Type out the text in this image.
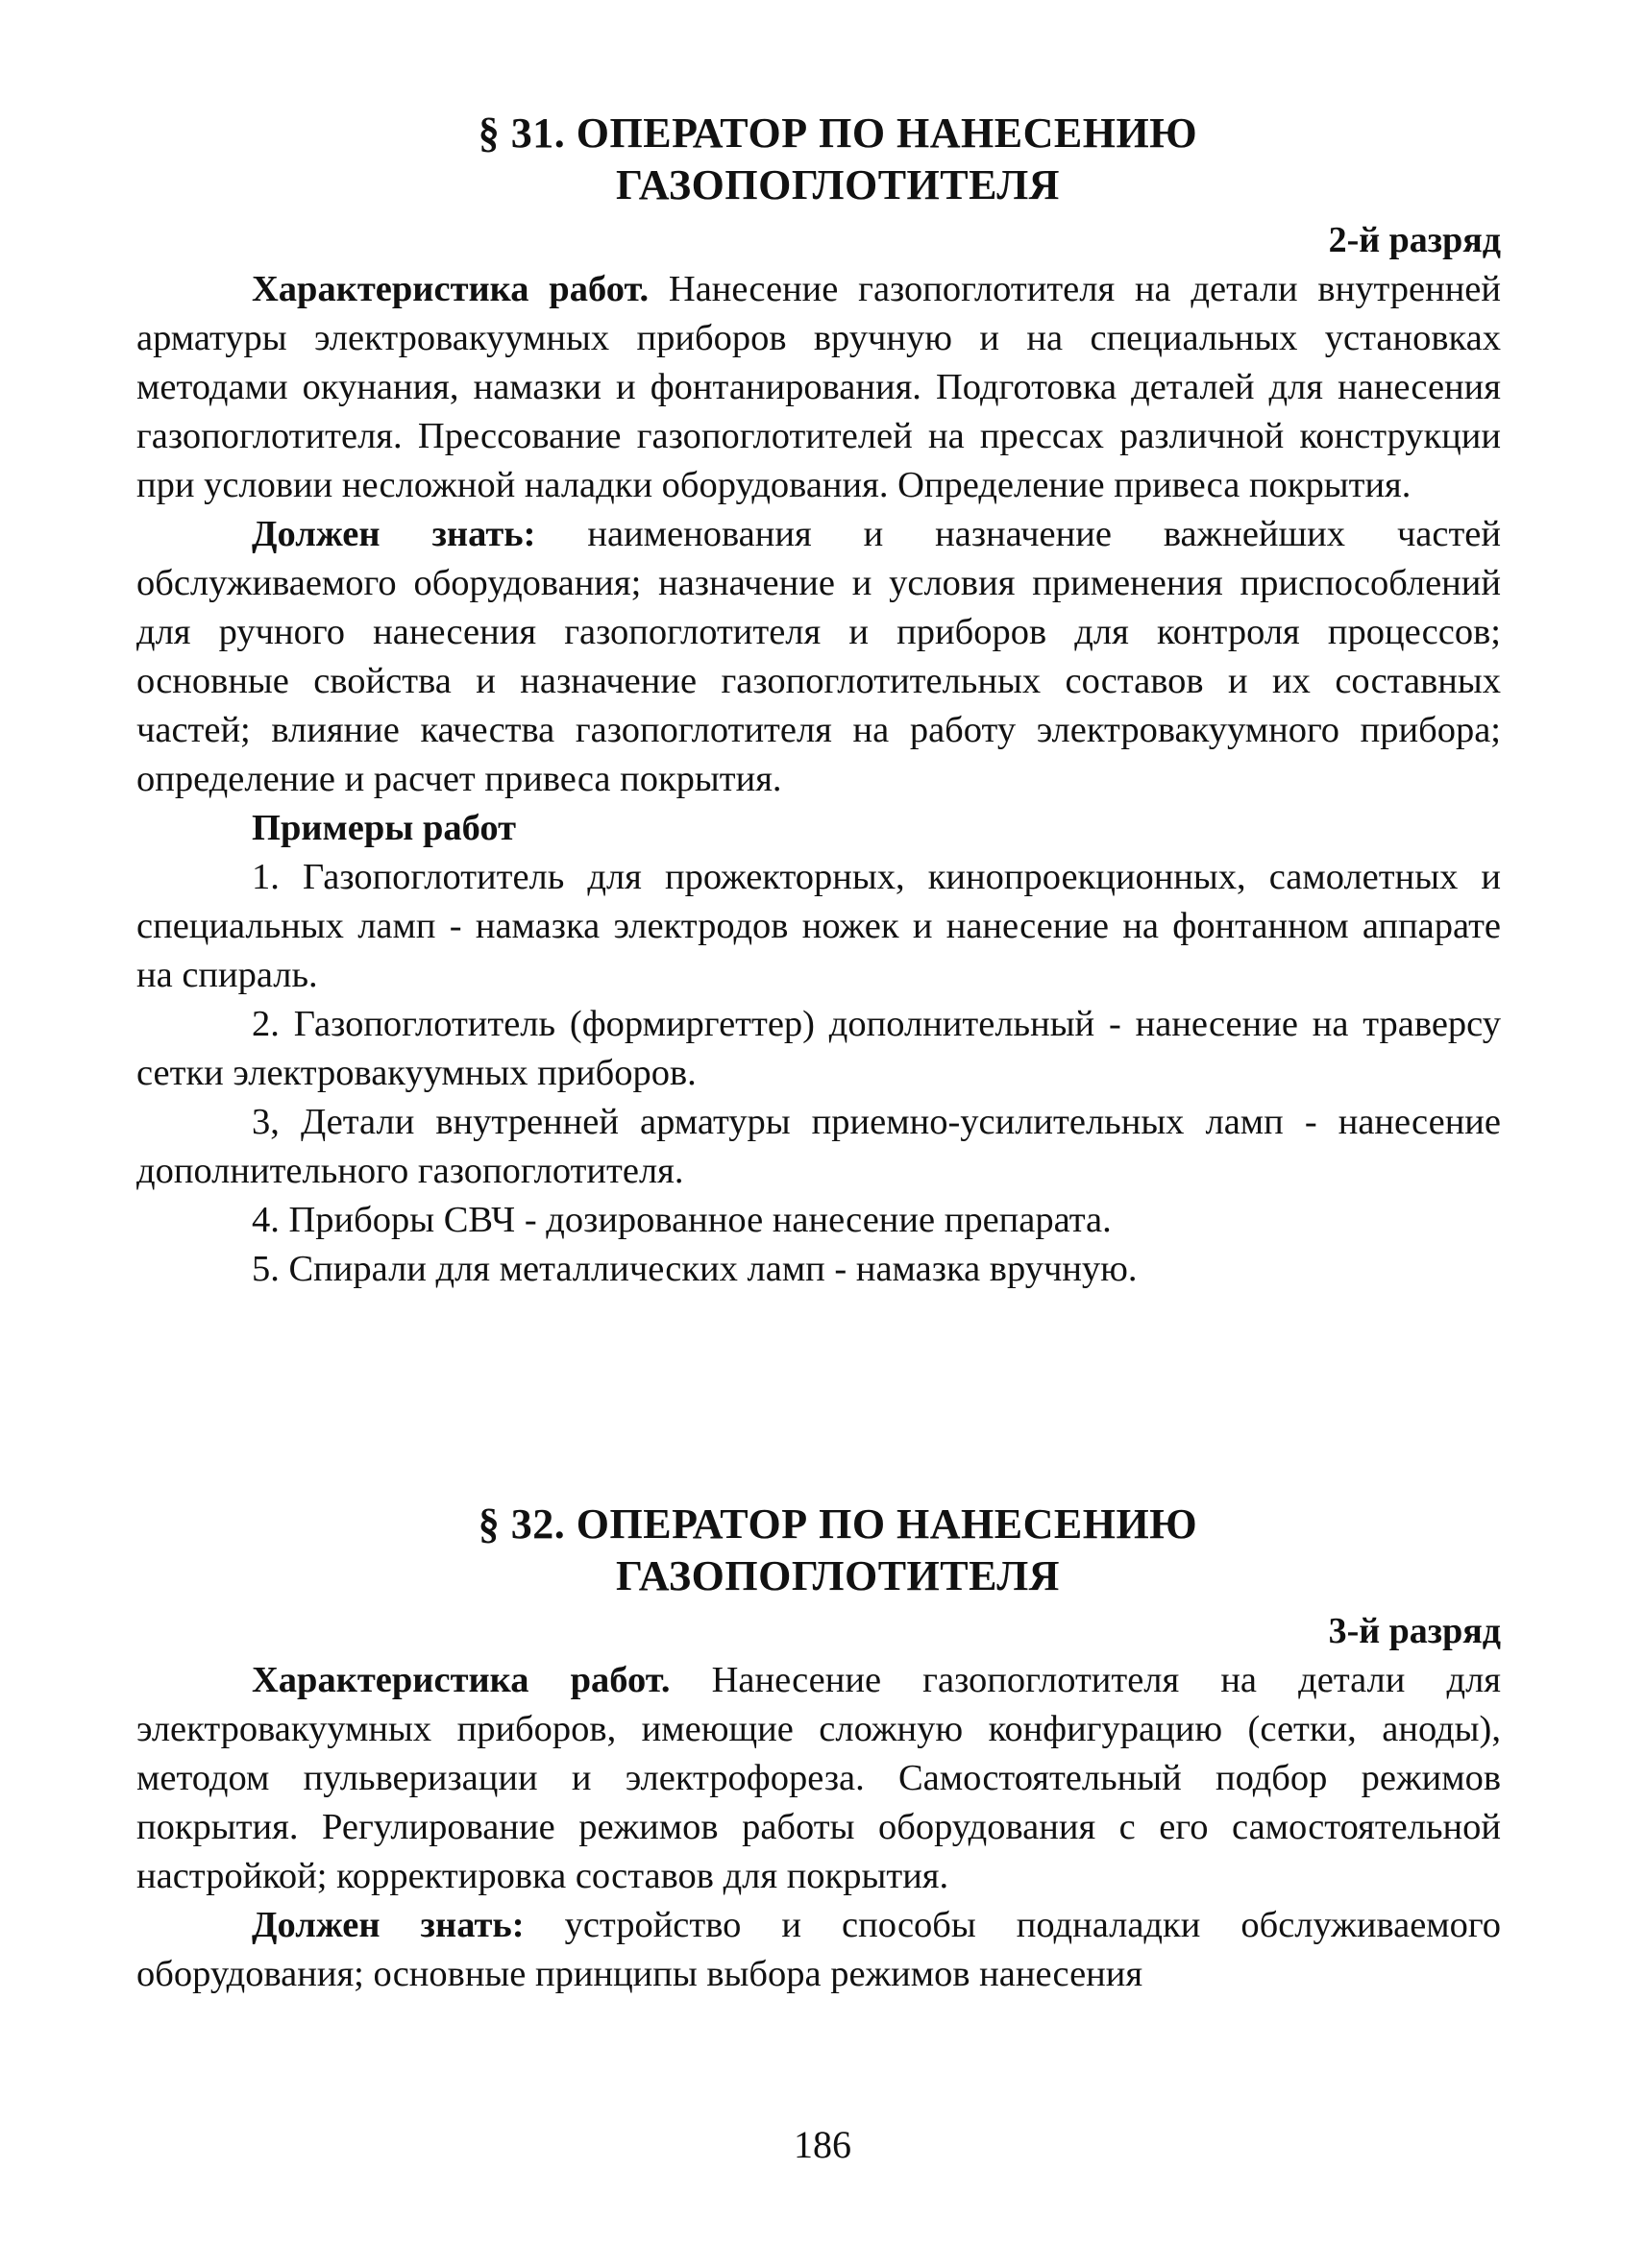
§ 31. ОПЕРАТОР ПО НАНЕСЕНИЮ
ГАЗОПОГЛОТИТЕЛЯ

2-й разряд

Характеристика работ. Нанесение газопоглотителя на детали внутренней арматуры электровакуумных приборов вручную и на специальных установках методами окунания, намазки и фонтанирования. Подготовка деталей для нанесения газопоглотителя. Прессование газопоглотителей на прессах различной конструкции при условии несложной наладки оборудования. Определение привеса покрытия.

Должен знать: наименования и назначение важнейших частей обслуживаемого оборудования; назначение и условия применения приспособлений для ручного нанесения газопоглотителя и приборов для контроля процессов; основные свойства и назначение газопоглотительных составов и их составных частей; влияние качества газопоглотителя на работу электровакуумного прибора; определение и расчет привеса покрытия.

Примеры работ

1. Газопоглотитель для прожекторных, кинопроекционных, самолетных и специальных ламп - намазка электродов ножек и нанесение на фонтанном аппарате на спираль.

2. Газопоглотитель (формиргеттер) дополнительный - нанесение на траверсу сетки электровакуумных приборов.

3, Детали внутренней арматуры приемно-усилительных ламп - нанесение дополнительного газопоглотителя.

4. Приборы СВЧ - дозированное нанесение препарата.

5. Спирали для металлических ламп - намазка вручную.

§ 32. ОПЕРАТОР ПО НАНЕСЕНИЮ
ГАЗОПОГЛОТИТЕЛЯ

3-й разряд

Характеристика работ. Нанесение газопоглотителя на детали для электровакуумных приборов, имеющие сложную конфигурацию (сетки, аноды), методом пульверизации и электрофореза. Самостоятельный подбор режимов покрытия. Регулирование режимов работы оборудования с его самостоятельной настройкой; корректировка составов для покрытия.

Должен знать: устройство и способы подналадки обслуживаемого оборудования; основные принципы выбора режимов нанесения

186
